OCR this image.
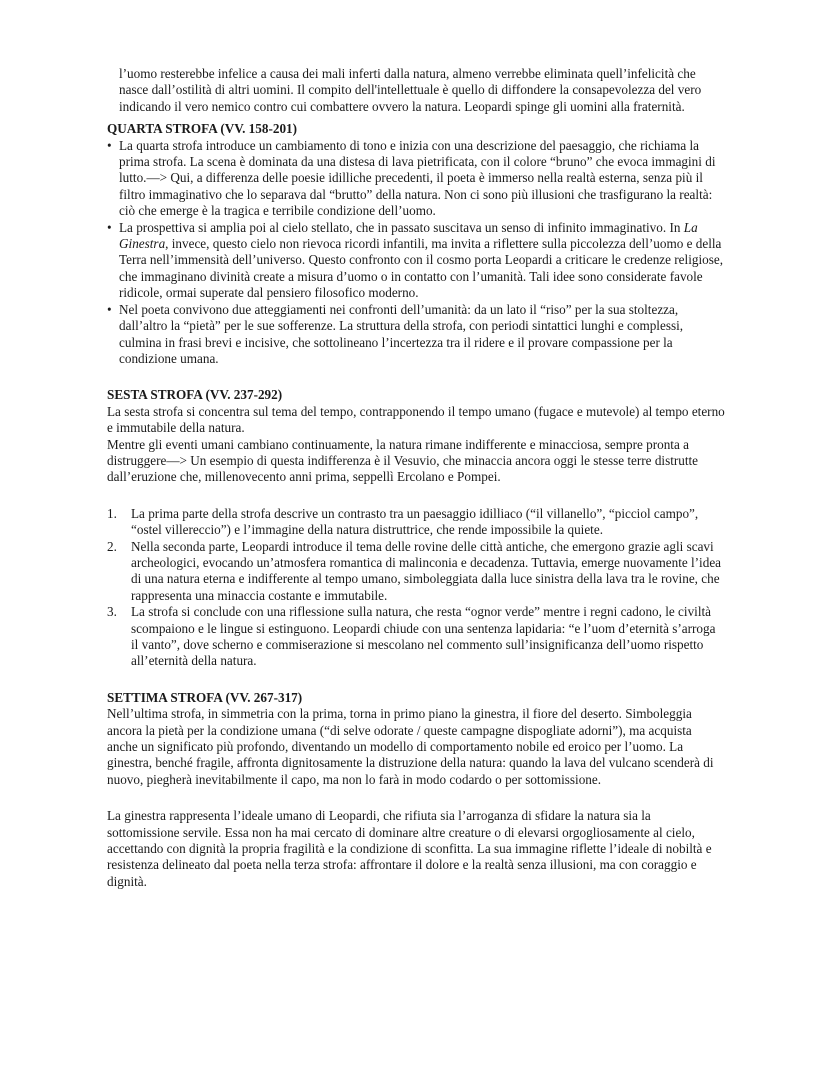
l’uomo resterebbe infelice a causa dei mali inferti dalla natura, almeno verrebbe eliminata quell’infelicità che nasce dall’ostilità di altri uomini. Il compito dell'intellettuale è quello di diffondere la consapevolezza del vero indicando il vero nemico contro cui combattere ovvero la natura. Leopardi spinge gli uomini alla fraternità.

QUARTA STROFA (VV. 158-201)

• La quarta strofa introduce un cambiamento di tono e inizia con una descrizione del paesaggio, che richiama la prima strofa. La scena è dominata da una distesa di lava pietrificata, con il colore “bruno” che evoca immagini di lutto.—> Qui, a differenza delle poesie idilliche precedenti, il poeta è immerso nella realtà esterna, senza più il filtro immaginativo che lo separava dal “brutto” della natura. Non ci sono più illusioni che trasfigurano la realtà: ciò che emerge è la tragica e terribile condizione dell’uomo.
• La prospettiva si amplia poi al cielo stellato, che in passato suscitava un senso di infinito immaginativo. In La Ginestra, invece, questo cielo non rievoca ricordi infantili, ma invita a riflettere sulla piccolezza dell’uomo e della Terra nell’immensità dell’universo. Questo confronto con il cosmo porta Leopardi a criticare le credenze religiose, che immaginano divinità create a misura d’uomo o in contatto con l’umanità. Tali idee sono considerate favole ridicole, ormai superate dal pensiero filosofico moderno.
• Nel poeta convivono due atteggiamenti nei confronti dell’umanità: da un lato il “riso” per la sua stoltezza, dall’altro la “pietà” per le sue sofferenze. La struttura della strofa, con periodi sintattici lunghi e complessi, culmina in frasi brevi e incisive, che sottolineano l’incertezza tra il ridere e il provare compassione per la condizione umana.

SESTA STROFA (VV. 237-292)

La sesta strofa si concentra sul tema del tempo, contrapponendo il tempo umano (fugace e mutevole) al tempo eterno e immutabile della natura.

Mentre gli eventi umani cambiano continuamente, la natura rimane indifferente e minacciosa, sempre pronta a distruggere—> Un esempio di questa indifferenza è il Vesuvio, che minaccia ancora oggi le stesse terre distrutte dall’eruzione che, millenovecento anni prima, seppellì Ercolano e Pompei.

1. La prima parte della strofa descrive un contrasto tra un paesaggio idilliaco (“il villanello”, “picciol campo”, “ostel villereccio”) e l’immagine della natura distruttrice, che rende impossibile la quiete.
2. Nella seconda parte, Leopardi introduce il tema delle rovine delle città antiche, che emergono grazie agli scavi archeologici, evocando un’atmosfera romantica di malinconia e decadenza. Tuttavia, emerge nuovamente l’idea di una natura eterna e indifferente al tempo umano, simboleggiata dalla luce sinistra della lava tra le rovine, che rappresenta una minaccia costante e immutabile.
3. La strofa si conclude con una riflessione sulla natura, che resta “ognor verde” mentre i regni cadono, le civiltà scompaiono e le lingue si estinguono. Leopardi chiude con una sentenza lapidaria: “e l’uom d’eternità s’arroga il vanto”, dove scherno e commiserazione si mescolano nel commento sull’insignificanza dell’uomo rispetto all’eternità della natura.

SETTIMA STROFA (VV. 267-317)

Nell’ultima strofa, in simmetria con la prima, torna in primo piano la ginestra, il fiore del deserto. Simboleggia ancora la pietà per la condizione umana (“di selve odorate / queste campagne dispogliate adorni”), ma acquista anche un significato più profondo, diventando un modello di comportamento nobile ed eroico per l’uomo. La ginestra, benché fragile, affronta dignitosamente la distruzione della natura: quando la lava del vulcano scenderà di nuovo, piegherà inevitabilmente il capo, ma non lo farà in modo codardo o per sottomissione.

La ginestra rappresenta l’ideale umano di Leopardi, che rifiuta sia l’arroganza di sfidare la natura sia la sottomissione servile. Essa non ha mai cercato di dominare altre creature o di elevarsi orgogliosamente al cielo, accettando con dignità la propria fragilità e la condizione di sconfitta. La sua immagine riflette l’ideale di nobiltà e resistenza delineato dal poeta nella terza strofa: affrontare il dolore e la realtà senza illusioni, ma con coraggio e dignità.
